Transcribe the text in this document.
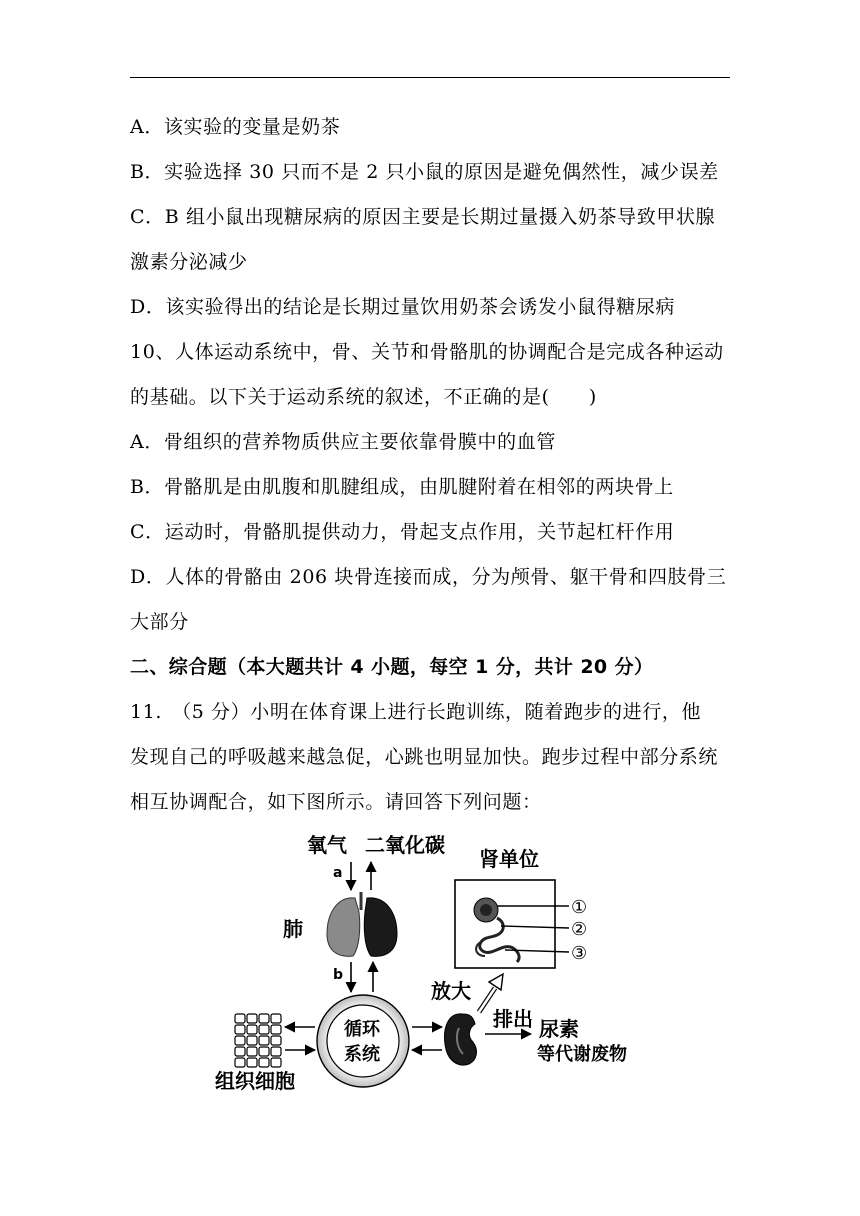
A．该实验的变量是奶茶
B．实验选择 30 只而不是 2 只小鼠的原因是避免偶然性，减少误差
C．B 组小鼠出现糖尿病的原因主要是长期过量摄入奶茶导致甲状腺
激素分泌减少
D．该实验得出的结论是长期过量饮用奶茶会诱发小鼠得糖尿病
10、人体运动系统中，骨、关节和骨骼肌的协调配合是完成各种运动
的基础。以下关于运动系统的叙述，不正确的是(　　)
A．骨组织的营养物质供应主要依靠骨膜中的血管
B．骨骼肌是由肌腹和肌腱组成，由肌腱附着在相邻的两块骨上
C．运动时，骨骼肌提供动力，骨起支点作用，关节起杠杆作用
D．人体的骨骼由 206 块骨连接而成，分为颅骨、躯干骨和四肢骨三
大部分
二、综合题（本大题共计 4 小题，每空 1 分，共计 20 分）
11.　（5 分）小明在体育课上进行长跑训练，随着跑步的进行，他
发现自己的呼吸越来越急促，心跳也明显加快。跑步过程中部分系统
相互协调配合，如下图所示。请回答下列问题：
氧气 二氧化碳
a
肺
b
循环
系统
组织细胞
放大
排出 尿素
等代谢废物
肾单位
①
②
③
